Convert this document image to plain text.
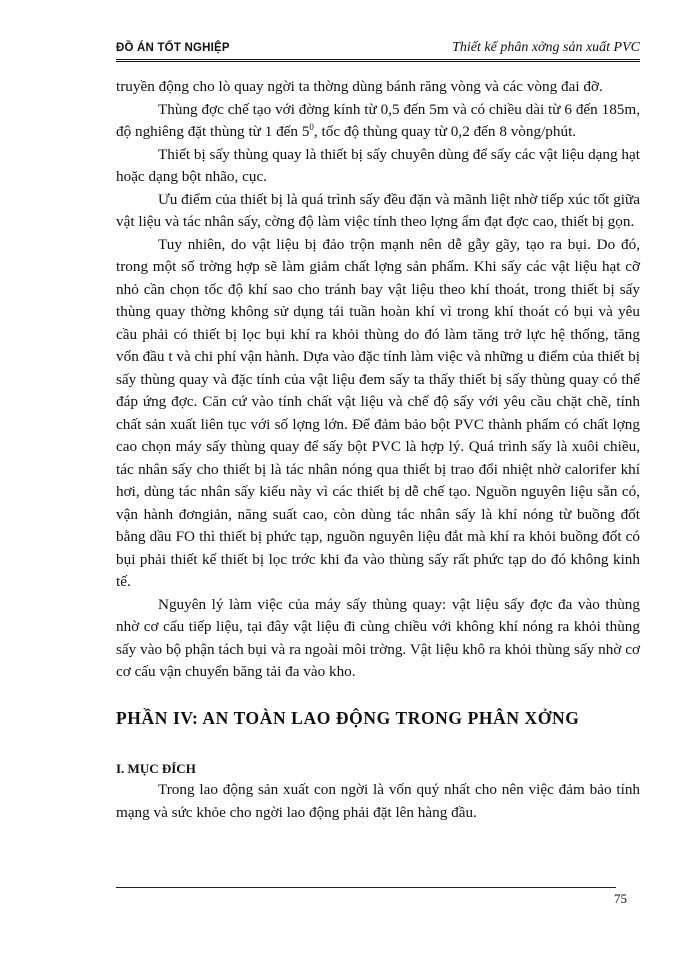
ĐỒ ÁN TỐT NGHIỆP	Thiết kế phân xởng sản xuất PVC

truyền động cho lò quay ngời ta thờng dùng bánh răng vòng và các vòng đai đỡ.

Thùng đợc chế tạo với đờng kính từ 0,5 đến 5m và có chiều dài từ 6 đến 185m, độ nghiêng đặt thùng từ 1 đến $5^0$, tốc độ thùng quay từ 0,2 đến 8 vòng/phút.

Thiết bị sấy thùng quay là thiết bị sấy chuyên dùng để sấy các vật liệu dạng hạt hoặc dạng bột nhão, cục.

Ưu điểm của thiết bị là quá trình sấy đều đặn và mãnh liệt nhờ tiếp xúc tốt giữa vật liệu và tác nhân sấy, cờng độ làm việc tính theo lợng ẩm đạt đợc cao, thiết bị gọn.

Tuy nhiên, do vật liệu bị đảo trộn mạnh nên dễ gẫy gãy, tạo ra bụi. Do đó, trong một số trờng hợp sẽ làm giảm chất lợng sản phẩm. Khi sấy các vật liệu hạt cỡ nhỏ cần chọn tốc độ khí sao cho tránh bay vật liệu theo khí thoát, trong thiết bị sấy thùng quay thờng không sử dụng tái tuần hoàn khí vì trong khí thoát có bụi và yêu cầu phải có thiết bị lọc bụi khí ra khỏi thùng do đó làm tăng trở lực hệ thống, tăng vốn đầu t và chi phí vận hành. Dựa vào đặc tính làm việc và những u điểm của thiết bị sấy thùng quay và đặc tính của vật liệu đem sấy ta thấy thiết bị sấy thùng quay có thể đáp ứng đợc. Căn cứ vào tính chất vật liệu và chế độ sấy với yêu cầu chặt chẽ, tính chất sản xuất liên tục với số lợng lớn. Để đảm bảo bột PVC thành phẩm có chất lợng cao chọn máy sấy thùng quay để sấy bột PVC là hợp lý. Quá trình sấy là xuôi chiều, tác nhân sấy cho thiết bị là tác nhân nóng qua thiết bị trao đổi nhiệt nhờ calorifer khí hơi, dùng tác nhân sấy kiểu này vì các thiết bị dễ chế tạo. Nguồn nguyên liệu sẵn có, vận hành đơngiản, năng suất cao, còn dùng tác nhân sấy là khí nóng từ buồng đốt bằng dầu FO thì thiết bị phức tạp, nguồn nguyên liệu đắt mà khí ra khỏi buồng đốt có bụi phải thiết kế thiết bị lọc trớc khi đa vào thùng sấy rất phức tạp do đó không kinh tế.

Nguyên lý làm việc của máy sấy thùng quay: vật liệu sấy đợc đa vào thùng nhờ cơ cấu tiếp liệu, tại đây vật liệu đi cùng chiều với không khí nóng ra khỏi thùng sấy vào bộ phận tách bụi và ra ngoài môi trờng. Vật liệu khô ra khỏi thùng sấy nhờ cơ cơ cấu vận chuyển băng tải đa vào kho.

PHẦN IV: AN TOÀN LAO ĐỘNG TRONG PHÂN XỞNG
I. MỤC ĐÍCH

Trong lao động sản xuất con ngời là vốn quý nhất cho nên việc đảm bảo tính mạng và sức khỏe cho ngời lao động phải đặt lên hàng đầu.

75
